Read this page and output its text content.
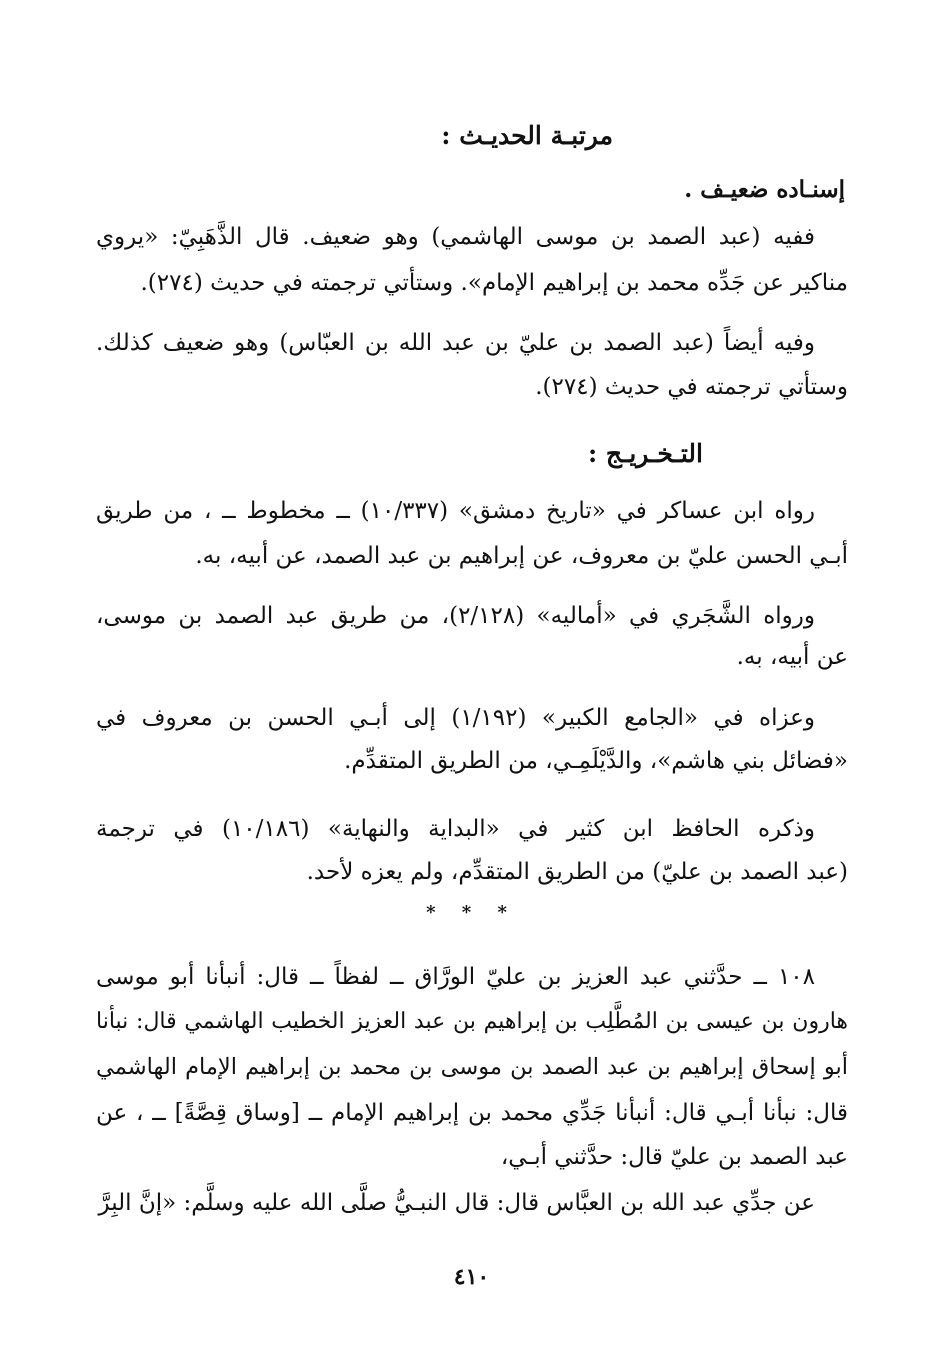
مرتبـة الحديـث :
إسنـاده ضعيـف .
ففيه (عبد الصمد بن موسى الهاشمي) وهو ضعيف. قال الذَّهَبِيّ: «يروي
مناكير عن جَدِّه محمد بن إبراهيم الإمام». وستأتي ترجمته في حديث (٢٧٤).
وفيه أيضاً (عبد الصمد بن عليّ بن عبد الله بن العبّاس) وهو ضعيف كذلك.
وستأتي ترجمته في حديث (٢٧٤).
التـخـريـج :
رواه ابن عساكر في «تاريخ دمشق» (١٠/٣٣٧) ــ مخطوط ــ ، من طريق
أبـي الحسن عليّ بن معروف، عن إبراهيم بن عبد الصمد، عن أبيه، به.
ورواه الشَّجَري في «أماليه» (٢/١٢٨)، من طريق عبد الصمد بن موسى،
عن أبيه، به.
وعزاه في «الجامع الكبير» (١/١٩٢) إلى أبـي الحسن بن معروف في
«فضائل بني هاشم»، والدَّيْلَمِـي، من الطريق المتقدِّم.
وذكره الحافظ ابن كثير في «البداية والنهاية» (١٠/١٨٦) في ترجمة
(عبد الصمد بن عليّ) من الطريق المتقدِّم، ولم يعزه لأحد.
* * *
١٠٨ ــ حدَّثني عبد العزيز بن عليّ الورَّاق ــ لفظاً ــ قال: أنبأنا أبو موسى
هارون بن عيسى بن المُطَّلِب بن إبراهيم بن عبد العزيز الخطيب الهاشمي قال: نبأنا
أبو إسحاق إبراهيم بن عبد الصمد بن موسى بن محمد بن إبراهيم الإمام الهاشمي
قال: نبأنا أبـي قال: أنبأنا جَدِّي محمد بن إبراهيم الإمام ــ [وساق قِصَّةً] ــ ، عن
عبد الصمد بن عليّ قال: حدَّثني أبـي،
عن جدِّي عبد الله بن العبَّاس قال: قال النبـيُّ صلَّى الله عليه وسلَّم: «إنَّ البِرَّ
٤١٠
